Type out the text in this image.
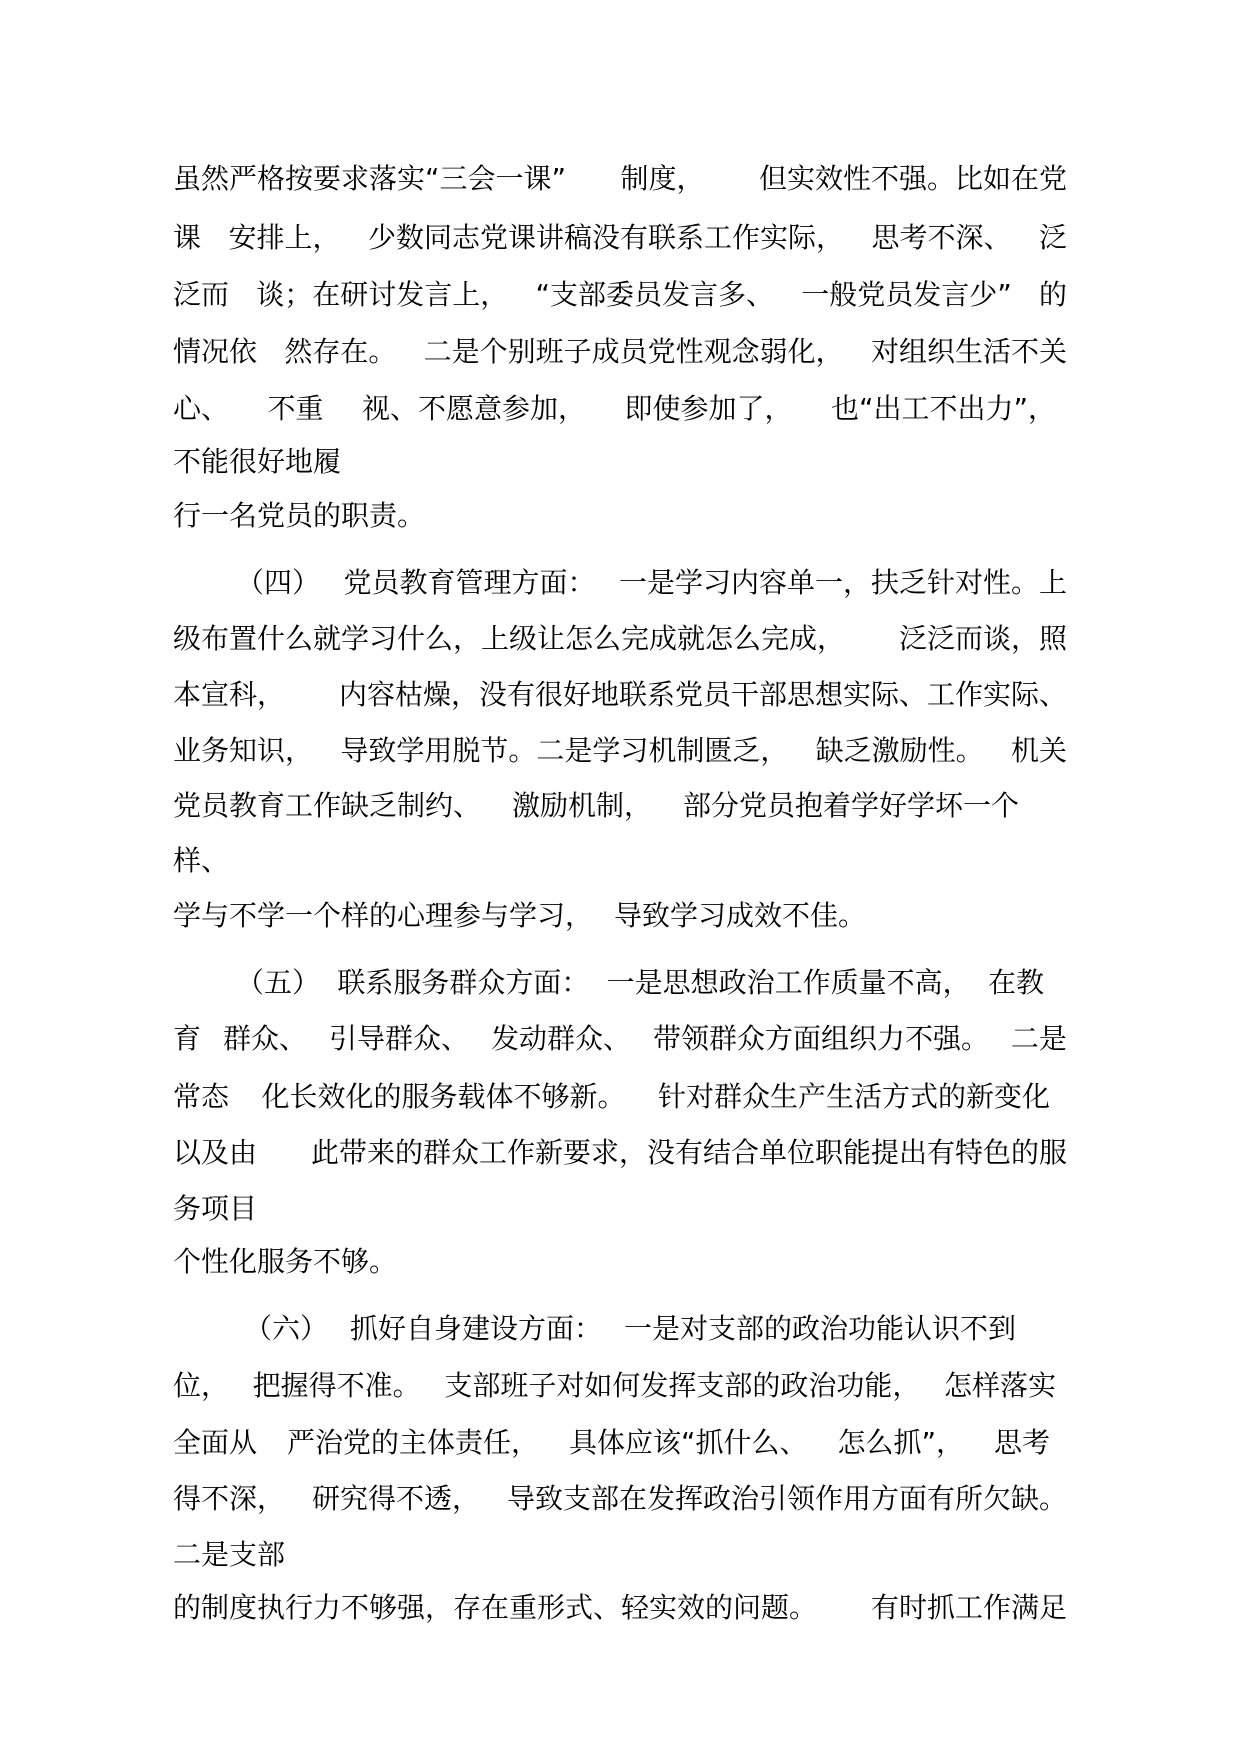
虽然严格按要求落实“三会一课” 制度， 但实效性不强。比如在党
课 安排上， 少数同志党课讲稿没有联系工作实际， 思考不深、 泛
泛而 谈；在研讨发言上， “支部委员发言多、 一般党员发言少” 的
情况依 然存在。 二是个别班子成员党性观念弱化， 对组织生活不关
心、 不重 视、不愿意参加， 即使参加了， 也“出工不出力”，
不能很好地履
行一名党员的职责。
（四） 党员教育管理方面： 一是学习内容单一，扶乏针对性。上
级布置什么就学习什么，上级让怎么完成就怎么完成， 泛泛而谈，照
本宣科， 内容枯燥，没有很好地联系党员干部思想实际、工作实际、
业务知识， 导致学用脱节。二是学习机制匮乏， 缺乏激励性。 机关
党员教育工作缺乏制约、 激励机制， 部分党员抱着学好学坏一个
样、
学与不学一个样的心理参与学习， 导致学习成效不佳。
（五） 联系服务群众方面： 一是思想政治工作质量不高， 在教
育 群众、 引导群众、 发动群众、 带领群众方面组织力不强。 二是
常态 化长效化的服务载体不够新。 针对群众生产生活方式的新变化
以及由 此带来的群众工作新要求，没有结合单位职能提出有特色的服
务项目
个性化服务不够。
（六） 抓好自身建设方面： 一是对支部的政治功能认识不到
位， 把握得不准。 支部班子对如何发挥支部的政治功能， 怎样落实
全面从 严治党的主体责任， 具体应该“抓什么、 怎么抓”， 思考
得不深， 研究得不透， 导致支部在发挥政治引领作用方面有所欠缺。
二是支部
的制度执行力不够强，存在重形式、轻实效的问题。 有时抓工作满足
